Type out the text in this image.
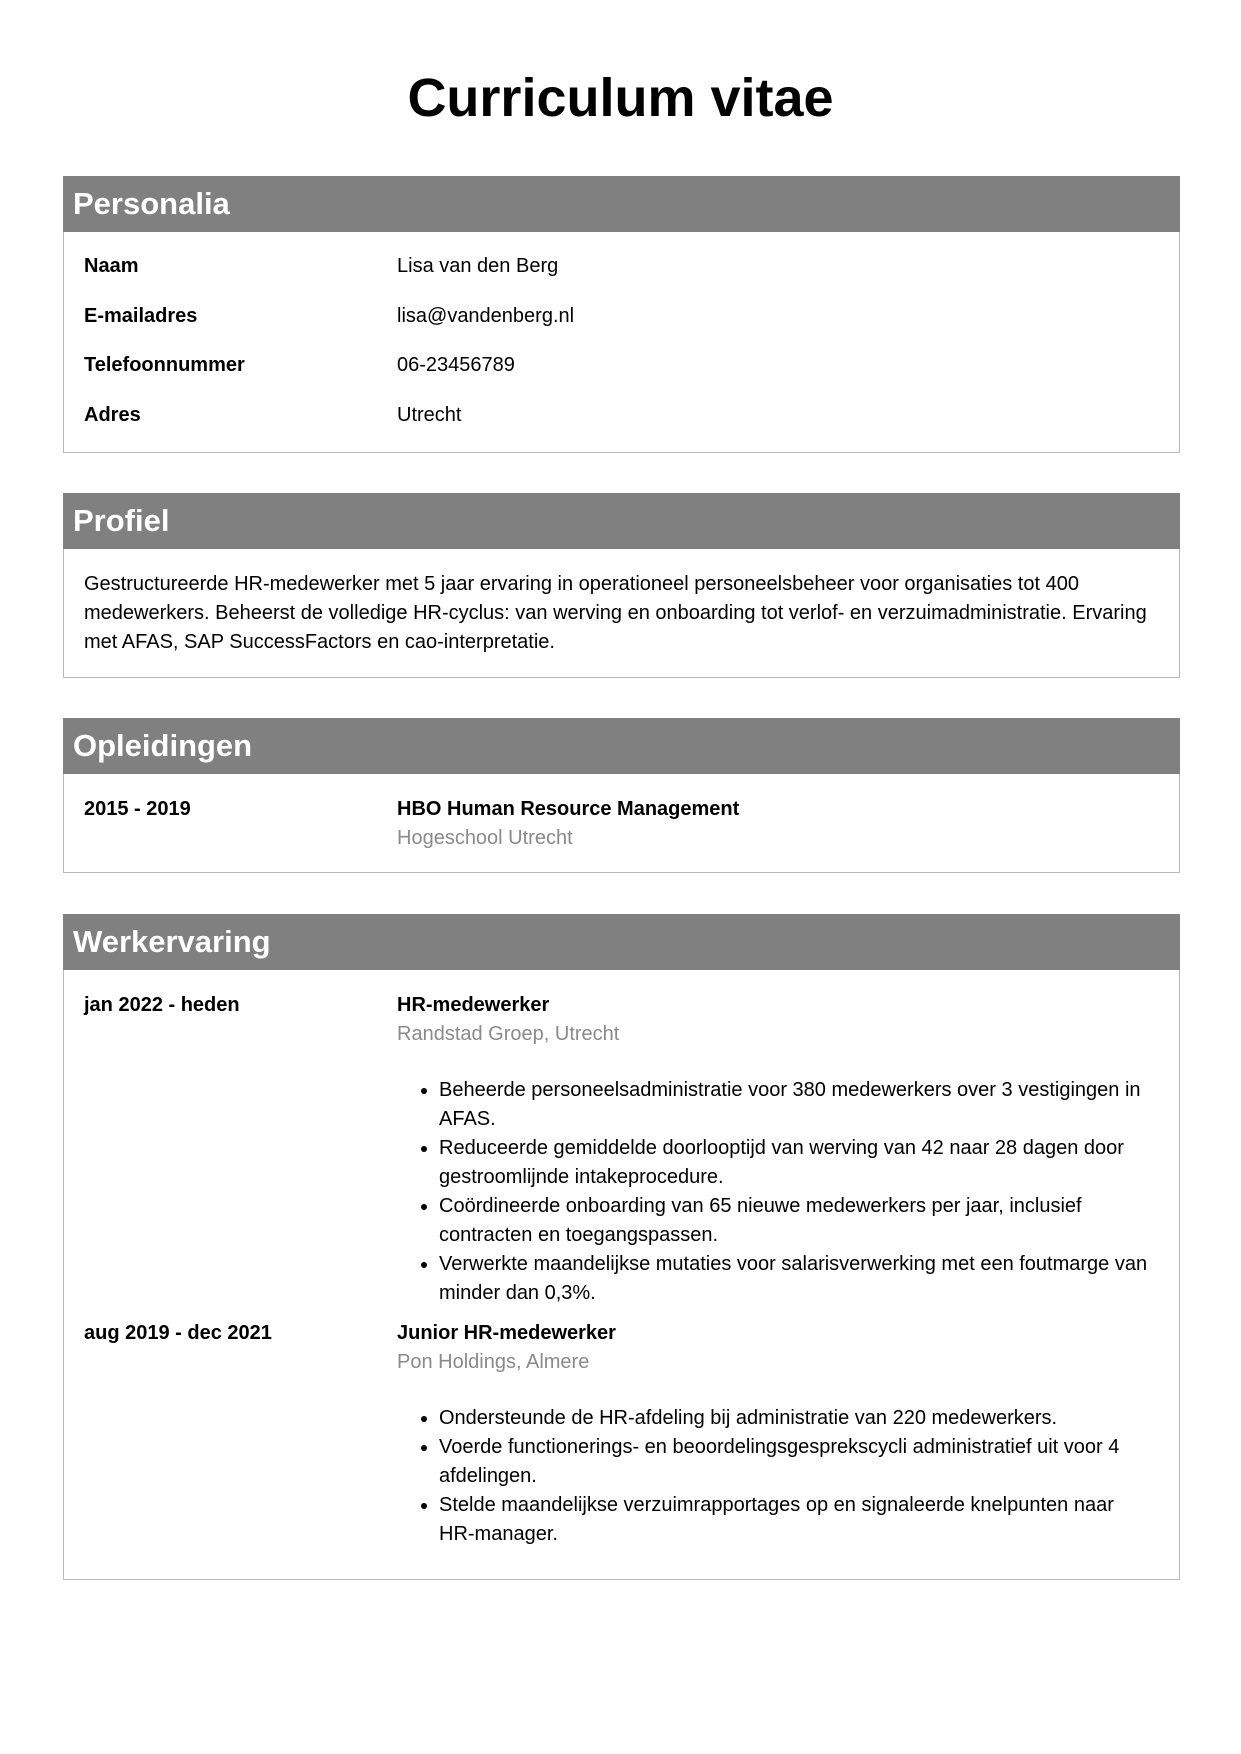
Curriculum vitae
Personalia
Naam	Lisa van den Berg
E-mailadres	lisa@vandenberg.nl
Telefoonnummer	06-23456789
Adres	Utrecht
Profiel
Gestructureerde HR-medewerker met 5 jaar ervaring in operationeel personeelsbeheer voor organisaties tot 400 medewerkers. Beheerst de volledige HR-cyclus: van werving en onboarding tot verlof- en verzuimadministratie. Ervaring met AFAS, SAP SuccessFactors en cao-interpretatie.
Opleidingen
2015 - 2019	HBO Human Resource Management
Hogeschool Utrecht
Werkervaring
jan 2022 - heden	HR-medewerker
Randstad Groep, Utrecht
• Beheerde personeelsadministratie voor 380 medewerkers over 3 vestigingen in AFAS.
• Reduceerde gemiddelde doorlooptijd van werving van 42 naar 28 dagen door gestroomlijnde intakeprocedure.
• Coördineerde onboarding van 65 nieuwe medewerkers per jaar, inclusief contracten en toegangspassen.
• Verwerkte maandelijkse mutaties voor salarisverwerking met een foutmarge van minder dan 0,3%.
aug 2019 - dec 2021	Junior HR-medewerker
Pon Holdings, Almere
• Ondersteunde de HR-afdeling bij administratie van 220 medewerkers.
• Voerde functionerings- en beoordelingsgesprekscycli administratief uit voor 4 afdelingen.
• Stelde maandelijkse verzuimrapportages op en signaleerde knelpunten naar HR-manager.
